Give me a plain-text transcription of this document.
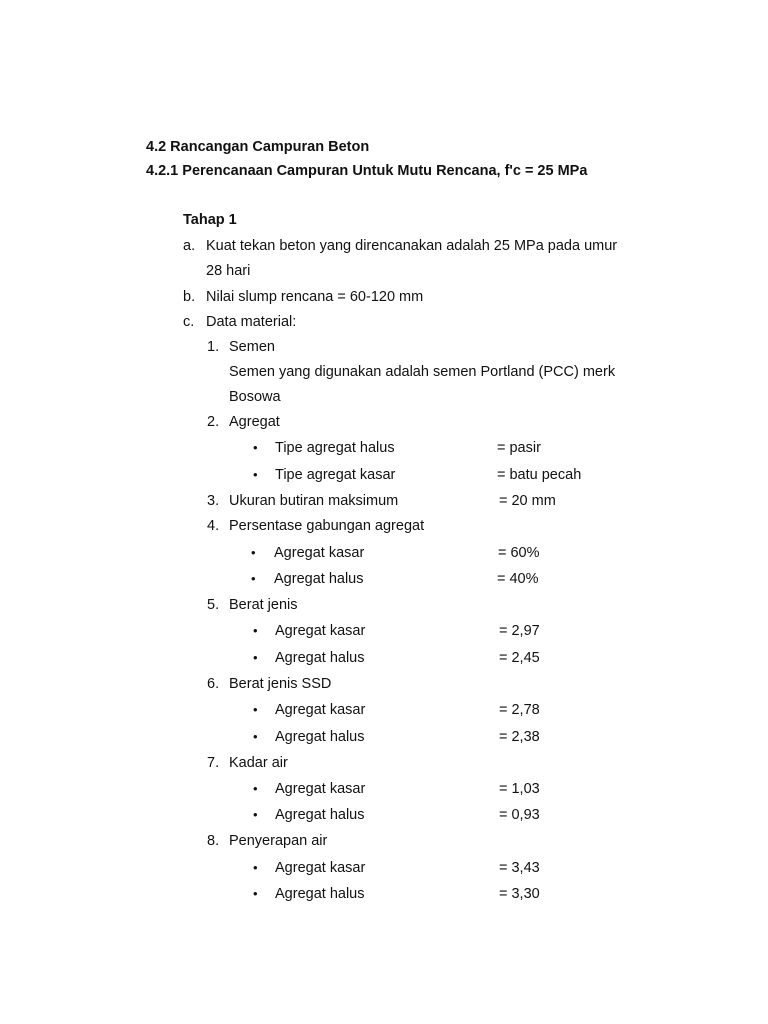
4.2 Rancangan Campuran Beton
4.2.1 Perencanaan Campuran Untuk Mutu Rencana, f'c = 25 MPa
Tahap 1
a. Kuat tekan beton yang direncanakan adalah 25 MPa pada umur
28 hari
b. Nilai slump rencana = 60-120 mm
c. Data material:
1. Semen
Semen yang digunakan adalah semen Portland (PCC) merk
Bosowa
2. Agregat
• Tipe agregat halus	= pasir
• Tipe agregat kasar	= batu pecah
3. Ukuran butiran maksimum	= 20 mm
4. Persentase gabungan agregat
• Agregat kasar	= 60%
• Agregat halus	= 40%
5. Berat jenis
• Agregat kasar	= 2,97
• Agregat halus	= 2,45
6. Berat jenis SSD
• Agregat kasar	= 2,78
• Agregat halus	= 2,38
7. Kadar air
• Agregat kasar	= 1,03
• Agregat halus	= 0,93
8. Penyerapan air
• Agregat kasar	= 3,43
• Agregat halus	= 3,30
